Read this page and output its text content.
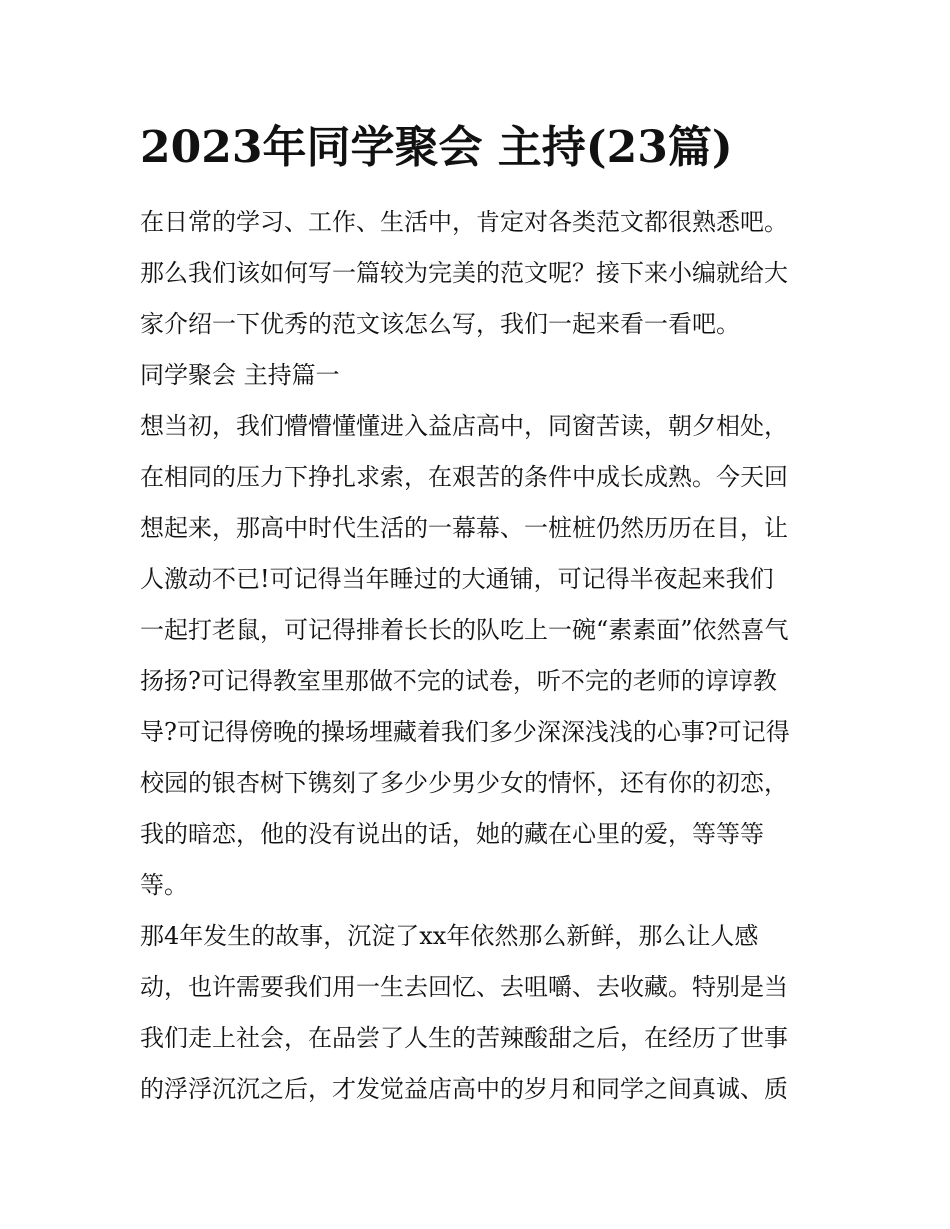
2023年同学聚会 主持(23篇)

在日常的学习、工作、生活中，肯定对各类范文都很熟悉吧。

那么我们该如何写一篇较为完美的范文呢？接下来小编就给大

家介绍一下优秀的范文该怎么写，我们一起来看一看吧。

同学聚会 主持篇一

想当初，我们懵懵懂懂进入益店高中，同窗苦读，朝夕相处，

在相同的压力下挣扎求索，在艰苦的条件中成长成熟。今天回

想起来，那高中时代生活的一幕幕、一桩桩仍然历历在目，让

人激动不已!可记得当年睡过的大通铺，可记得半夜起来我们

一起打老鼠，可记得排着长长的队吃上一碗“素素面”依然喜气

扬扬?可记得教室里那做不完的试卷，听不完的老师的谆谆教

导?可记得傍晚的操场埋藏着我们多少深深浅浅的心事?可记得

校园的银杏树下镌刻了多少少男少女的情怀，还有你的初恋，

我的暗恋，他的没有说出的话，她的藏在心里的爱，等等等

等。

那4年发生的故事，沉淀了xx年依然那么新鲜，那么让人感

动，也许需要我们用一生去回忆、去咀嚼、去收藏。特别是当

我们走上社会，在品尝了人生的苦辣酸甜之后，在经历了世事

的浮浮沉沉之后，才发觉益店高中的岁月和同学之间真诚、质
